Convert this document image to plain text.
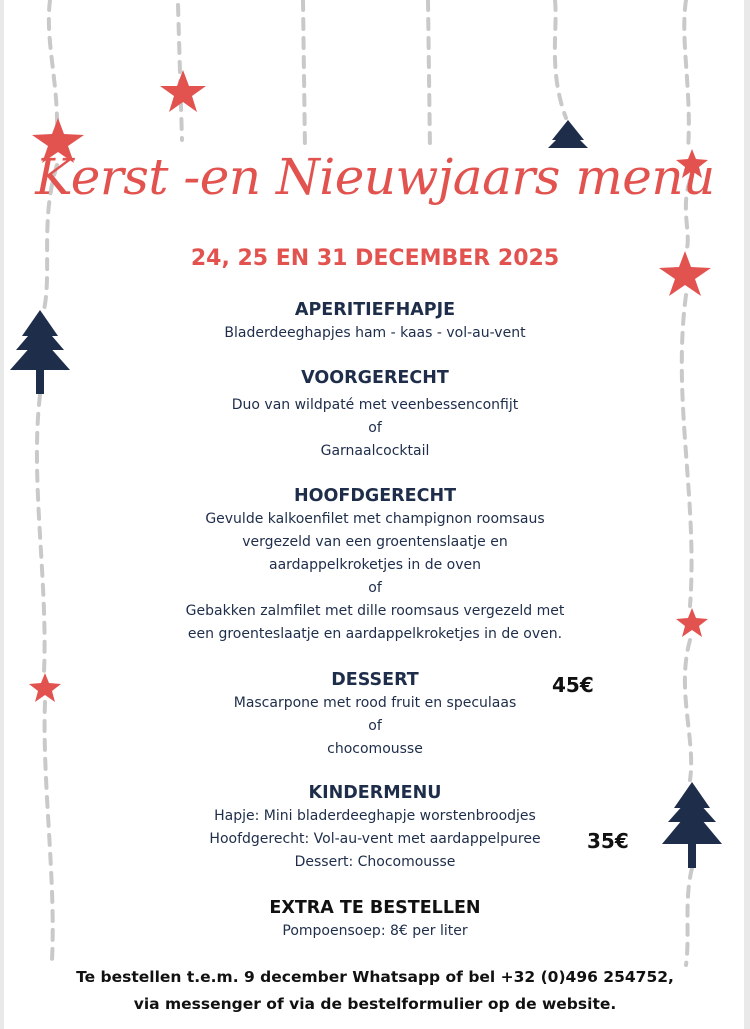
Kerst -en Nieuwjaars menu
24, 25 EN 31 DECEMBER 2025
APERITIEFHAPJE

Bladerdeeghapjes ham - kaas - vol-au-vent

VOORGERECHT

Duo van wildpaté met veenbessenconfijt

of

Garnaalcocktail

HOOFDGERECHT

Gevulde kalkoenfilet met champignon roomsaus

vergezeld van een groentenslaatje en

aardappelkroketjes in de oven

of

Gebakken zalmfilet met dille roomsaus vergezeld met

een groenteslaatje en aardappelkroketjes in de oven.

DESSERT

Mascarpone met rood fruit en speculaas

of

chocomousse

KINDERMENU

Hapje: Mini bladerdeeghapje worstenbroodjes

Hoofdgerecht: Vol-au-vent met aardappelpuree

Dessert: Chocomousse

EXTRA TE BESTELLEN

Pompoensoep: 8€ per liter

45€
35€
Te bestellen t.e.m. 9 december Whatsapp of bel +32 (0)496 254752,
via messenger of via de bestelformulier op de website.
